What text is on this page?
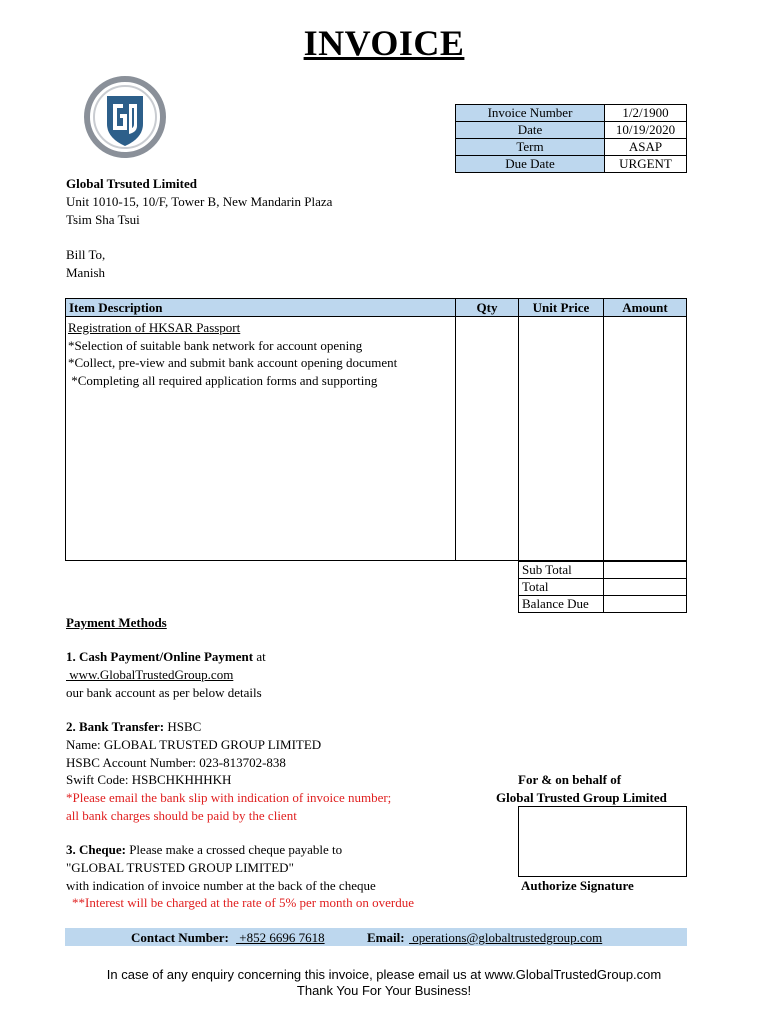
INVOICE
Invoice Number	1/2/1900
Date	10/19/2020
Term	ASAP
Due Date	URGENT
Global Trsuted Limited
Unit 1010-15, 10/F, Tower B, New Mandarin Plaza
Tsim Sha Tsui
Bill To,
Manish
Item Description	Qty	Unit Price	Amount

Registration of HKSAR Passport
*Selection of suitable bank network for account opening
*Collect, pre-view and submit bank account opening document
*Completing all required application forms and supporting			

Sub Total	
Total	
Balance Due	
Payment Methods
1. Cash Payment/Online Payment at
www.GlobalTrustedGroup.com
our bank account as per below details
2. Bank Transfer: HSBC
Name: GLOBAL TRUSTED GROUP LIMITED
HSBC Account Number: 023-813702-838
Swift Code: HSBCHKHHHKH
*Please email the bank slip with indication of invoice number;
all bank charges should be paid by the client
3. Cheque: Please make a crossed cheque payable to
"GLOBAL TRUSTED GROUP LIMITED"
with indication of invoice number at the back of the cheque
**Interest will be charged at the rate of 5% per month on overdue
For & on behalf of
Global Trusted Group Limited
Authorize Signature
Contact Number: +852 6696 7618	Email: operations@globaltrustedgroup.com
In case of any enquiry concerning this invoice, please email us at www.GlobalTrustedGroup.com
Thank You For Your Business!
